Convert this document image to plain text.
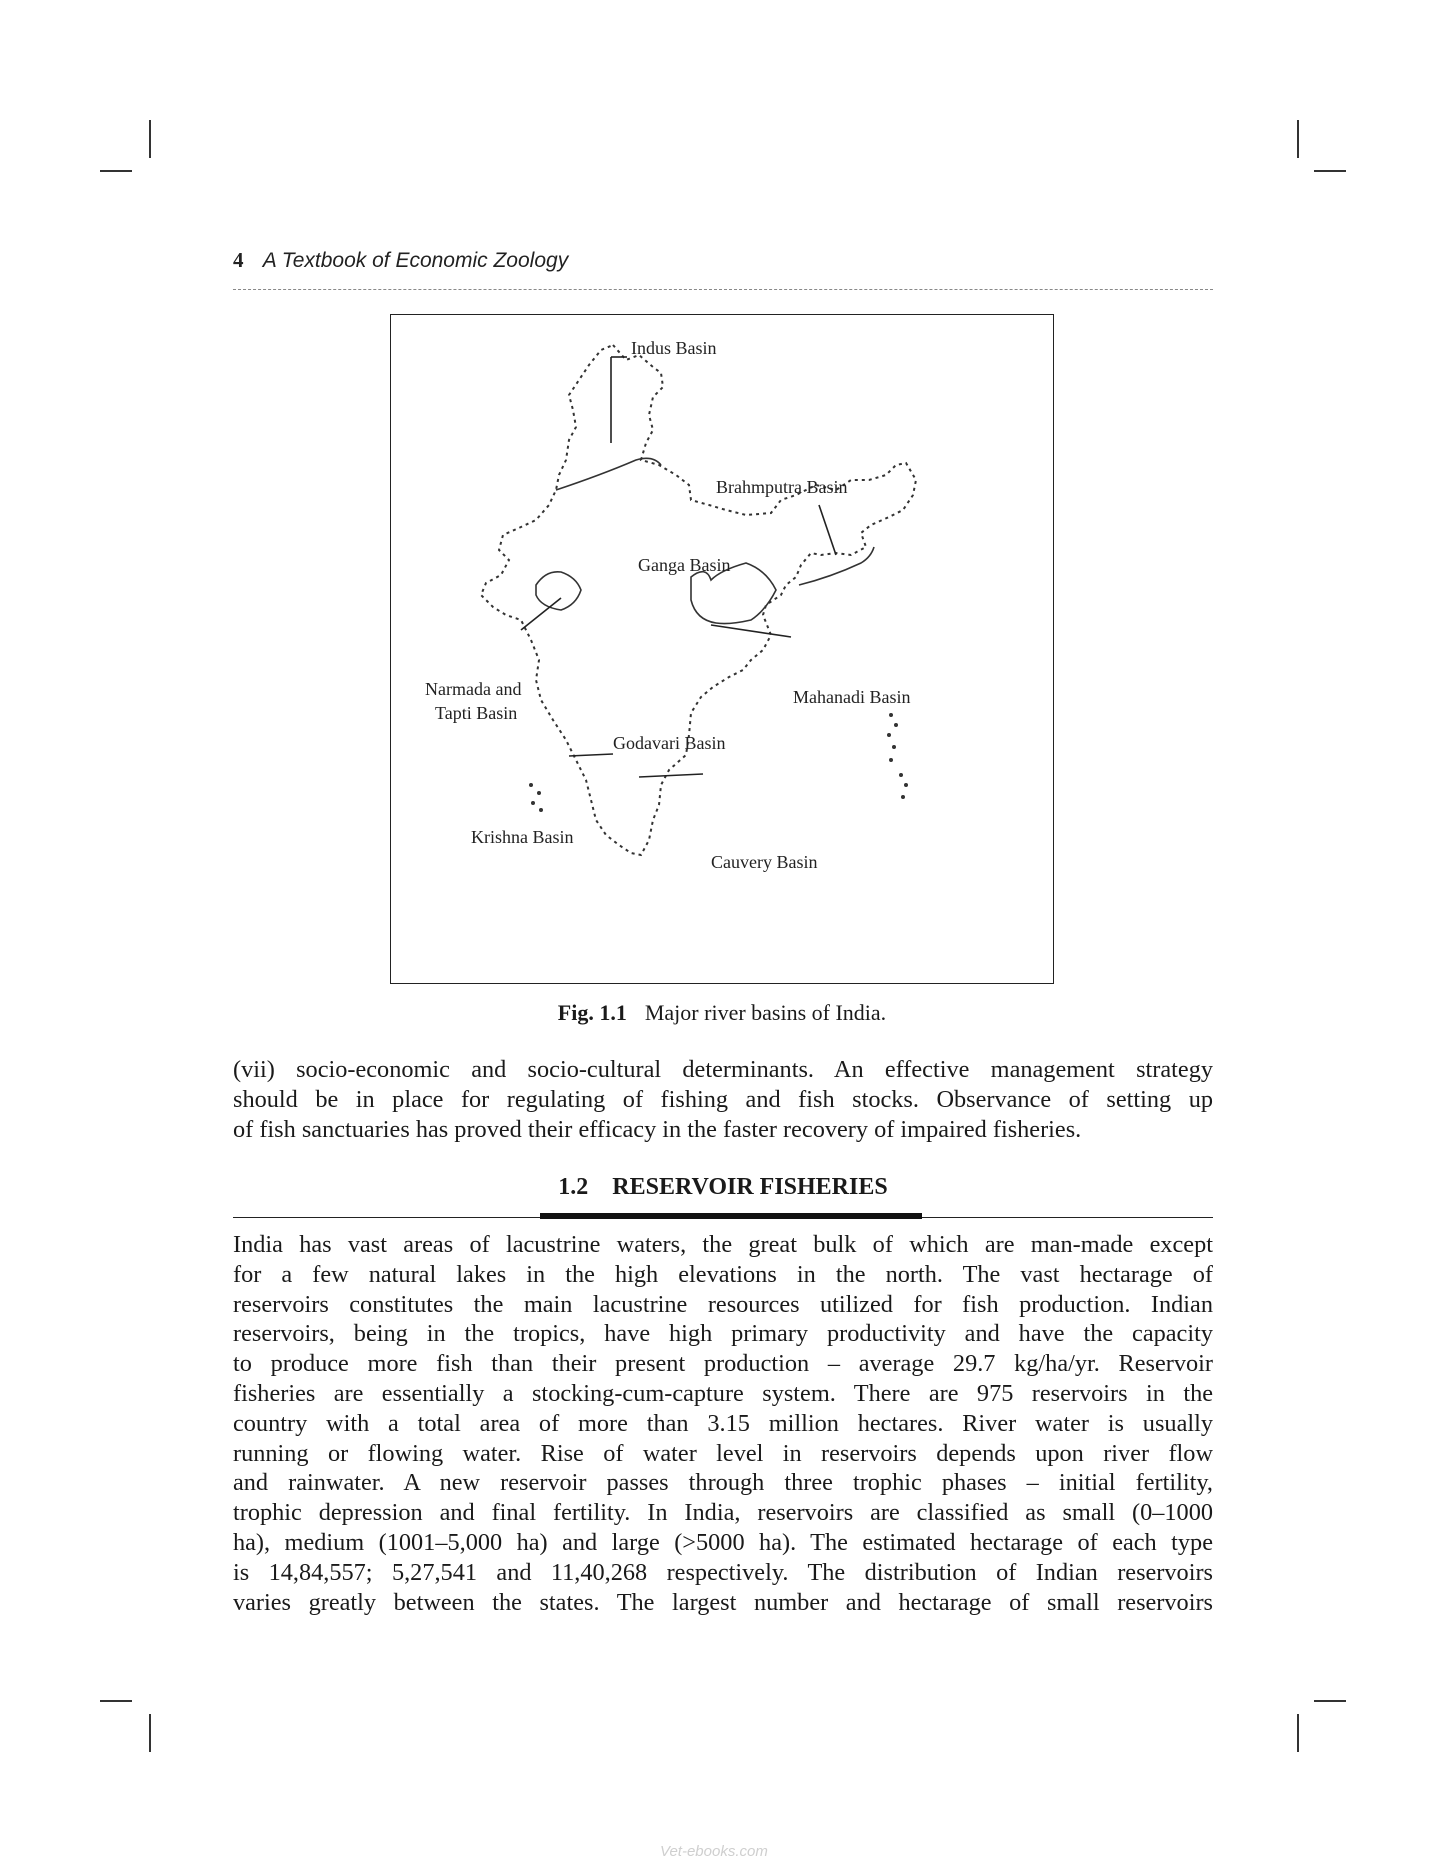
4 A Textbook of Economic Zoology
Indus Basin
Brahmputra Basin
Ganga Basin
Narmada and
Tapti Basin
Mahanadi Basin
Godavari Basin
Krishna Basin
Cauvery Basin
Fig. 1.1 Major river basins of India.
(vii) socio-economic and socio-cultural determinants. An effective management strategy
should be in place for regulating of fishing and fish stocks. Observance of setting up
of fish sanctuaries has proved their efficacy in the faster recovery of impaired fisheries.
1.2 RESERVOIR FISHERIES
India has vast areas of lacustrine waters, the great bulk of which are man-made except
for a few natural lakes in the high elevations in the north. The vast hectarage of
reservoirs constitutes the main lacustrine resources utilized for fish production. Indian
reservoirs, being in the tropics, have high primary productivity and have the capacity
to produce more fish than their present production – average 29.7 kg/ha/yr. Reservoir
fisheries are essentially a stocking-cum-capture system. There are 975 reservoirs in the
country with a total area of more than 3.15 million hectares. River water is usually
running or flowing water. Rise of water level in reservoirs depends upon river flow
and rainwater. A new reservoir passes through three trophic phases – initial fertility,
trophic depression and final fertility. In India, reservoirs are classified as small (0–1000
ha), medium (1001–5,000 ha) and large (>5000 ha). The estimated hectarage of each type
is 14,84,557; 5,27,541 and 11,40,268 respectively. The distribution of Indian reservoirs
varies greatly between the states. The largest number and hectarage of small reservoirs
Vet-ebooks.com
